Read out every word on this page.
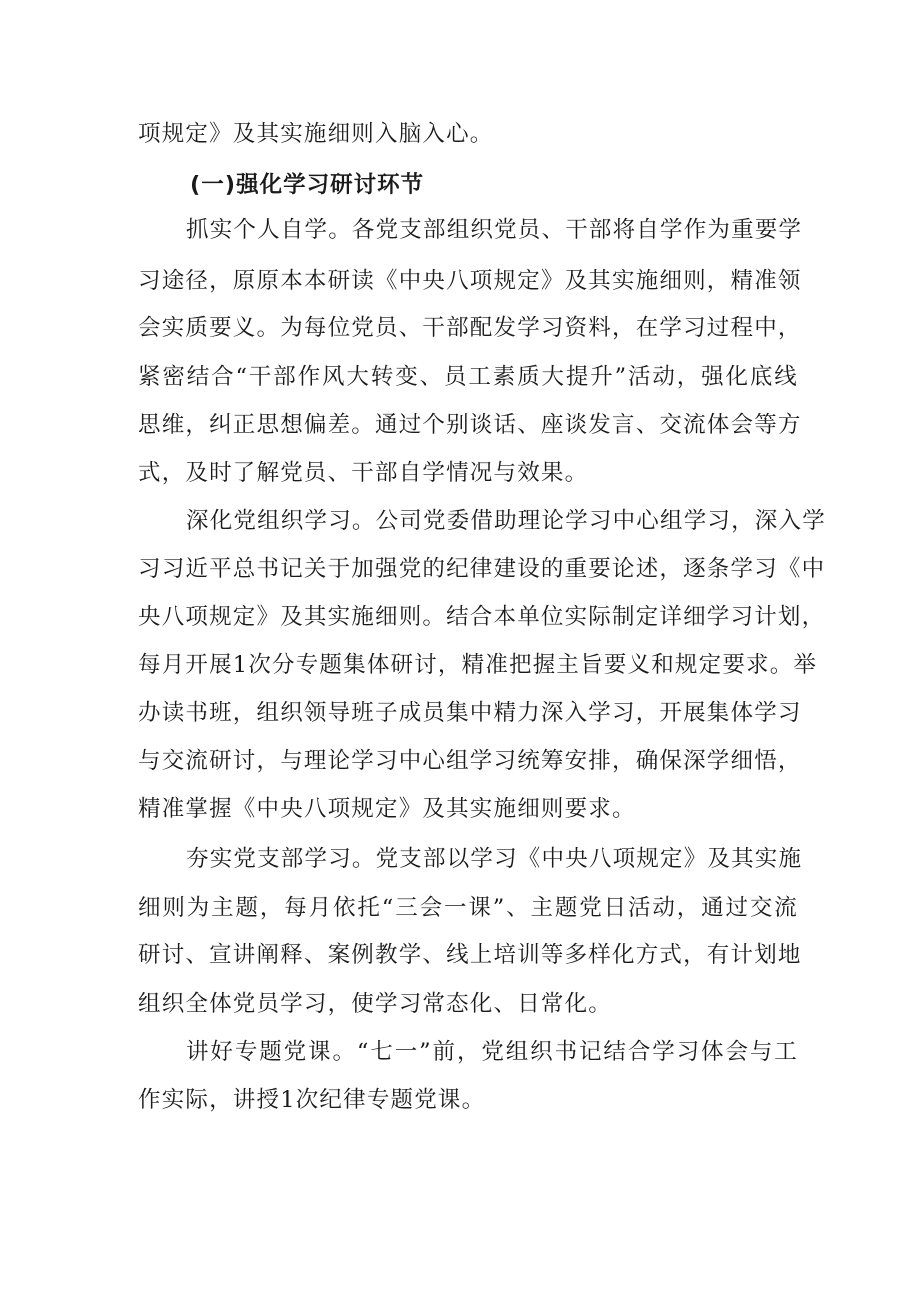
项规定》及其实施细则入脑入心。
(一)强化学习研讨环节
抓实个人自学。各党支部组织党员、干部将自学作为重要学
习途径，原原本本研读《中央八项规定》及其实施细则，精准领
会实质要义。为每位党员、干部配发学习资料，在学习过程中，
紧密结合“干部作风大转变、员工素质大提升”活动，强化底线
思维，纠正思想偏差。通过个别谈话、座谈发言、交流体会等方
式，及时了解党员、干部自学情况与效果。
深化党组织学习。公司党委借助理论学习中心组学习，深入学
习习近平总书记关于加强党的纪律建设的重要论述，逐条学习《中
央八项规定》及其实施细则。结合本单位实际制定详细学习计划，
每月开展1次分专题集体研讨，精准把握主旨要义和规定要求。举
办读书班，组织领导班子成员集中精力深入学习，开展集体学习
与交流研讨，与理论学习中心组学习统筹安排，确保深学细悟，
精准掌握《中央八项规定》及其实施细则要求。
夯实党支部学习。党支部以学习《中央八项规定》及其实施
细则为主题，每月依托“三会一课”、主题党日活动，通过交流
研讨、宣讲阐释、案例教学、线上培训等多样化方式，有计划地
组织全体党员学习，使学习常态化、日常化。
讲好专题党课。“七一”前，党组织书记结合学习体会与工
作实际，讲授1次纪律专题党课。
